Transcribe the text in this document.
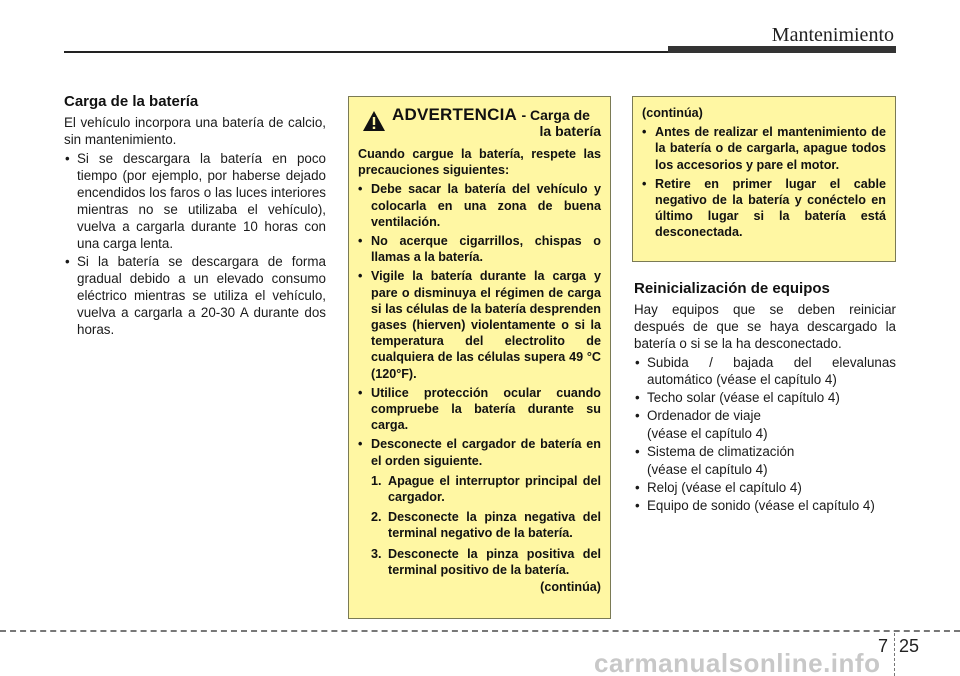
Mantenimiento
Carga de la batería

El vehículo incorpora una batería de calcio, sin mantenimiento.

• Si se descargara la batería en poco tiempo (por ejemplo, por haberse dejado encendidos los faros o las luces interiores mientras no se utilizaba el vehículo), vuelva a cargarla durante 10 horas con una carga lenta.
• Si la batería se descargara de forma gradual debido a un elevado consumo eléctrico mientras se utiliza el vehículo, vuelva a cargarla a 20-30 A durante dos horas.
ADVERTENCIA - Carga de
la batería

Cuando cargue la batería, respete las precauciones siguientes:

• Debe sacar la batería del vehículo y colocarla en una zona de buena ventilación.
• No acerque cigarrillos, chispas o llamas a la batería.
• Vigile la batería durante la carga y pare o disminuya el régimen de carga si las células de la batería desprenden gases (hierven) violentamente o si la temperatura del electrolito de cualquiera de las células supera 49 °C (120°F).
• Utilice protección ocular cuando compruebe la batería durante su carga.
• Desconecte el cargador de batería en el orden siguiente.
1. Apague el interruptor principal del cargador.
2. Desconecte la pinza negativa del terminal negativo de la batería.
3. Desconecte la pinza positiva del terminal positivo de la batería.

(continúa)

(continúa)

• Antes de realizar el mantenimiento de la batería o de cargarla, apague todos los accesorios y pare el motor.
• Retire en primer lugar el cable negativo de la batería y conéctelo en último lugar si la batería está desconectada.
Reinicialización de equipos

Hay equipos que se deben reiniciar después de que se haya descargado la batería o si se la ha desconectado.

• Subida / bajada del elevalunas automático (véase el capítulo 4)
• Techo solar (véase el capítulo 4)
• Ordenador de viaje
(véase el capítulo 4)
• Sistema de climatización
(véase el capítulo 4)
• Reloj (véase el capítulo 4)
• Equipo de sonido (véase el capítulo 4)
7 25
carmanualsonline.info
